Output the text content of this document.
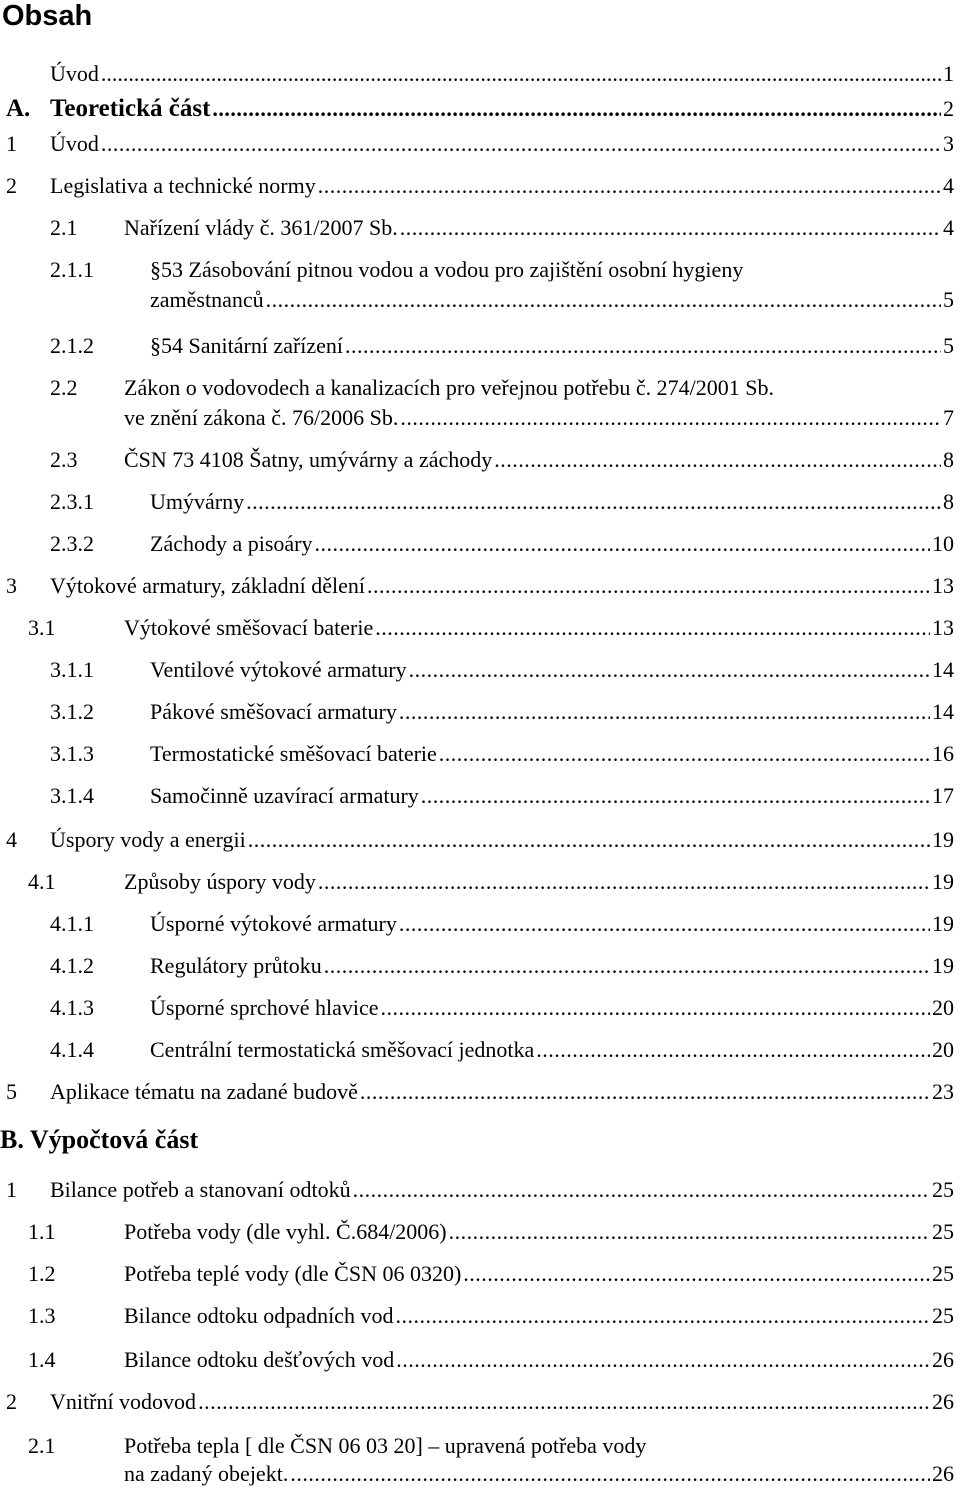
Obsah
Úvod .....	1
A. Teoretická část .....	2
1	Úvod .....	3
2	Legislativa a technické normy .....	4
2.1	Nařízení vlády č. 361/2007 Sb. .....	4
2.1.1	§53 Zásobování pitnou vodou a vodou pro zajištění osobní hygieny
zaměstnanců .....	5
2.1.2	§54 Sanitární zařízení .....	5
2.2 Zákon o vodovodech a kanalizacích pro veřejnou potřebu č. 274/2001 Sb.
ve znění zákona č. 76/2006 Sb. .....	7
2.3	ČSN 73 4108 Šatny, umývárny a záchody .....	8
2.3.1	Umývárny .....	8
2.3.2	Záchody a pisoáry .....	10
3	Výtokové armatury, základní dělení .....	13
3.1	Výtokové směšovací baterie .....	13
3.1.1	Ventilové výtokové armatury .....	14
3.1.2	Pákové směšovací armatury .....	14
3.1.3	Termostatické směšovací baterie .....	16
3.1.4	Samočinně uzavírací armatury .....	17
4	Úspory vody a energii .....	19
4.1	Způsoby úspory vody .....	19
4.1.1	Úsporné výtokové armatury .....	19
4.1.2	Regulátory průtoku .....	19
4.1.3	Úsporné sprchové hlavice .....	20
4.1.4	Centrální termostatická směšovací jednotka .....	20
5	Aplikace tématu na zadané budově .....	23
B. Výpočtová část
1	Bilance potřeb a stanovaní odtoků .....	25
1.1	Potřeba vody (dle vyhl. Č.684/2006) .....	25
1.2	Potřeba teplé vody (dle ČSN 06 0320) .....	25
1.3	Bilance odtoku odpadních vod .....	25
1.4	Bilance odtoku dešťových vod .....	26
2	Vnitřní vodovod .....	26
2.1	Potřeba tepla [ dle ČSN 06 03 20] – upravená potřeba vody
na zadaný obejekt. .....	26
